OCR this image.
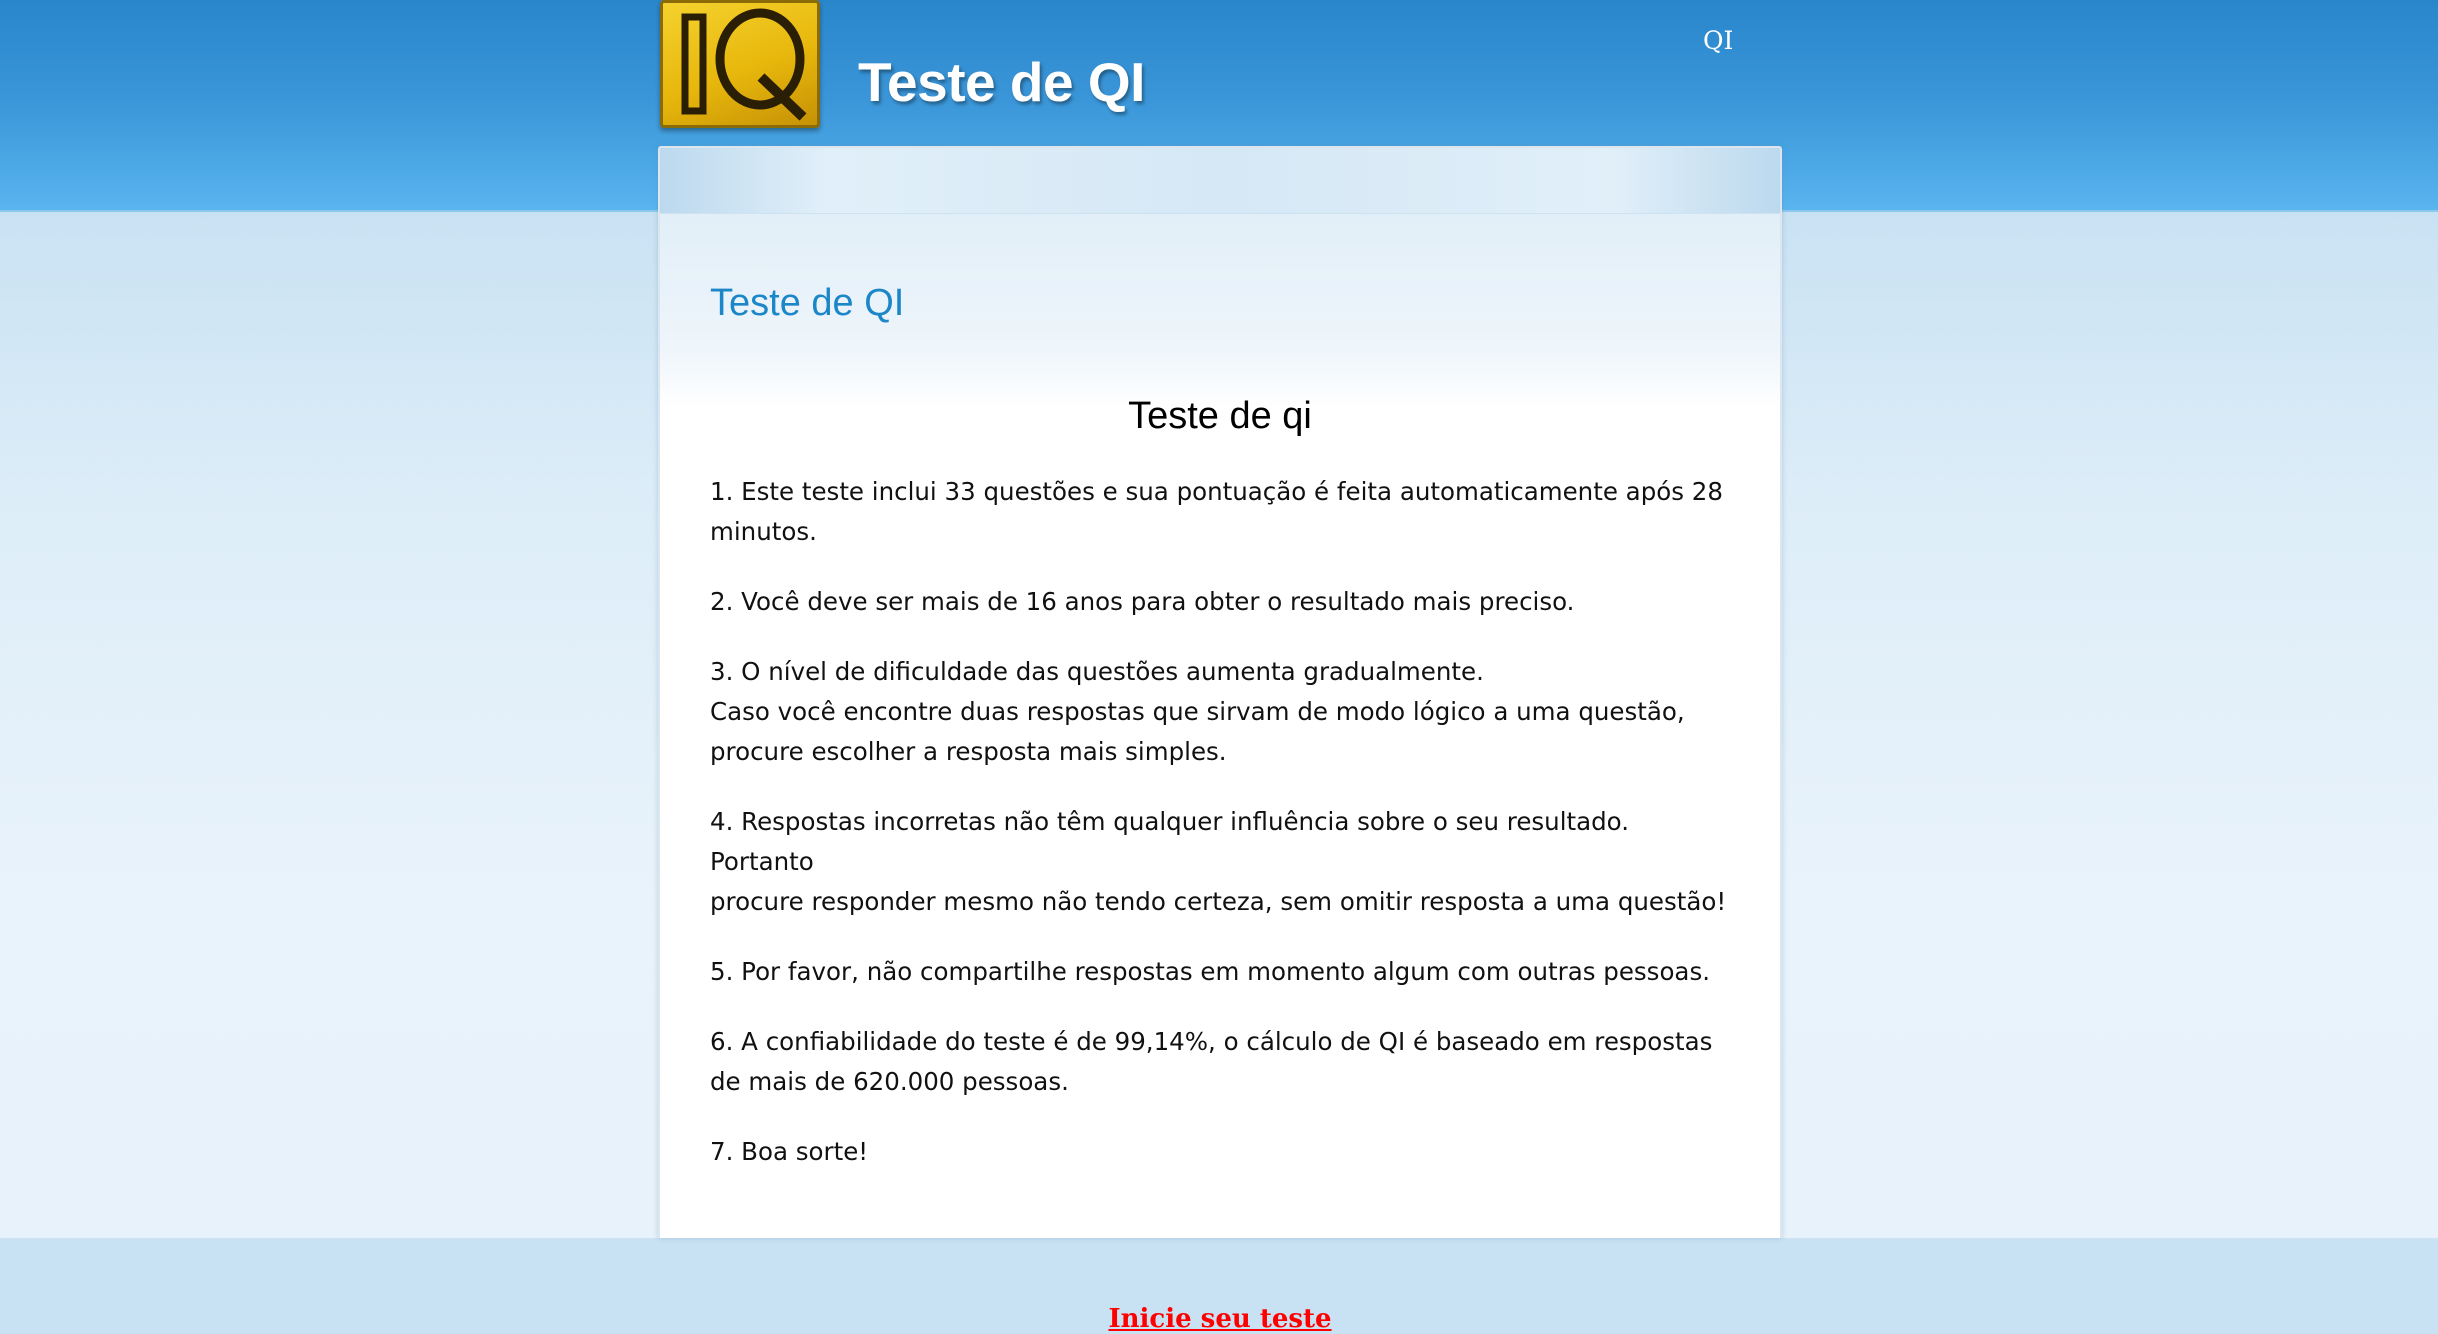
IQ
Teste de QI
QI
Teste de QI
Teste de qi

1. Este teste inclui 33 questões e sua pontuação é feita automaticamente após 28
minutos.

2. Você deve ser mais de 16 anos para obter o resultado mais preciso.

3. O nível de dificuldade das questões aumenta gradualmente.
Caso você encontre duas respostas que sirvam de modo lógico a uma questão,
procure escolher a resposta mais simples.

4. Respostas incorretas não têm qualquer influência sobre o seu resultado. Portanto
procure responder mesmo não tendo certeza, sem omitir resposta a uma questão!

5. Por favor, não compartilhe respostas em momento algum com outras pessoas.

6. A confiabilidade do teste é de 99,14%, o cálculo de QI é baseado em respostas
de mais de 620.000 pessoas.

7. Boa sorte!

Inicie seu teste
